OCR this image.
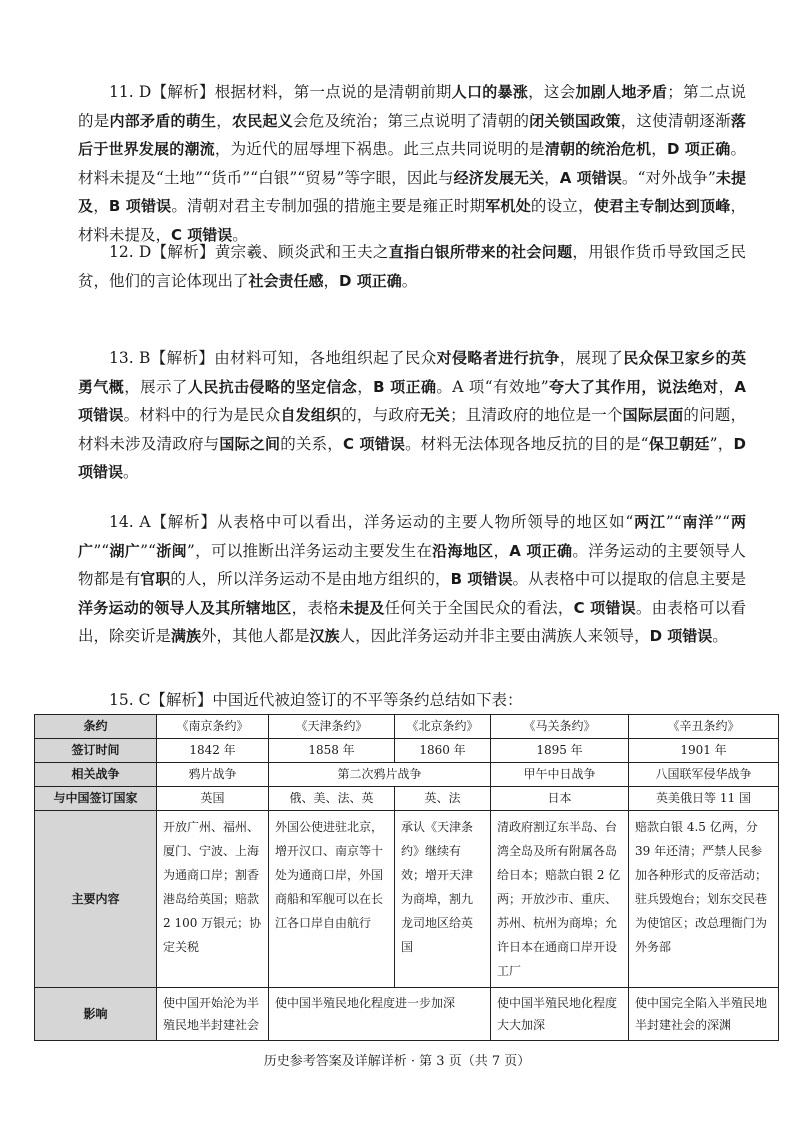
11. D【解析】根据材料，第一点说的是清朝前期人口的暴涨，这会加剧人地矛盾；第二点说的是内部矛盾的萌生，农民起义会危及统治；第三点说明了清朝的闭关锁国政策，这使清朝逐渐落后于世界发展的潮流，为近代的屈辱埋下祸患。此三点共同说明的是清朝的统治危机，D 项正确。材料未提及“土地”“货币”“白银”“贸易”等字眼，因此与经济发展无关，A 项错误。“对外战争”未提及，B 项错误。清朝对君主专制加强的措施主要是雍正时期军机处的设立，使君主专制达到顶峰，材料未提及，C 项错误。
12. D【解析】黄宗羲、顾炎武和王夫之直指白银所带来的社会问题，用银作货币导致国乏民贫，他们的言论体现出了社会责任感，D 项正确。
13. B【解析】由材料可知，各地组织起了民众对侵略者进行抗争，展现了民众保卫家乡的英勇气概，展示了人民抗击侵略的坚定信念，B 项正确。A 项“有效地”夸大了其作用，说法绝对，A 项错误。材料中的行为是民众自发组织的，与政府无关；且清政府的地位是一个国际层面的问题，材料未涉及清政府与国际之间的关系，C 项错误。材料无法体现各地反抗的目的是“保卫朝廷”，D 项错误。
14. A【解析】从表格中可以看出，洋务运动的主要人物所领导的地区如“两江”“南洋”“两广”“湖广”“浙闽”，可以推断出洋务运动主要发生在沿海地区，A 项正确。洋务运动的主要领导人物都是有官职的人，所以洋务运动不是由地方组织的，B 项错误。从表格中可以提取的信息主要是洋务运动的领导人及其所辖地区，表格未提及任何关于全国民众的看法，C 项错误。由表格可以看出，除奕䜣是满族外，其他人都是汉族人，因此洋务运动并非主要由满族人来领导，D 项错误。
15. C【解析】中国近代被迫签订的不平等条约总结如下表：
条约	《南京条约》	《天津条约》	《北京条约》	《马关条约》	《辛丑条约》
签订时间	1842 年	1858 年	1860 年	1895 年	1901 年
相关战争	鸦片战争	第二次鸦片战争		甲午中日战争	八国联军侵华战争
与中国签订国家	英国	俄、美、法、英	英、法	日本	英美俄日等 11 国
主要内容	开放广州、福州、厦门、宁波、上海为通商口岸；割香港岛给英国；赔款 2 100 万银元；协定关税	外国公使进驻北京，增开汉口、南京等十处为通商口岸，外国商船和军舰可以在长江各口岸自由航行	承认《天津条约》继续有效；增开天津为商埠，割九龙司地区给英国	清政府割辽东半岛、台湾全岛及所有附属各岛给日本；赔款白银 2 亿两；开放沙市、重庆、苏州、杭州为商埠；允许日本在通商口岸开设工厂	赔款白银 4.5 亿两，分 39 年还清；严禁人民参加各种形式的反帝活动；驻兵毁炮台；划东交民巷为使馆区；改总理衙门为外务部
影响	使中国开始沦为半殖民地半封建社会	使中国半殖民地化程度进一步加深		使中国半殖民地化程度大大加深	使中国完全陷入半殖民地半封建社会的深渊
历史参考答案及详解详析 · 第 3 页（共 7 页）
